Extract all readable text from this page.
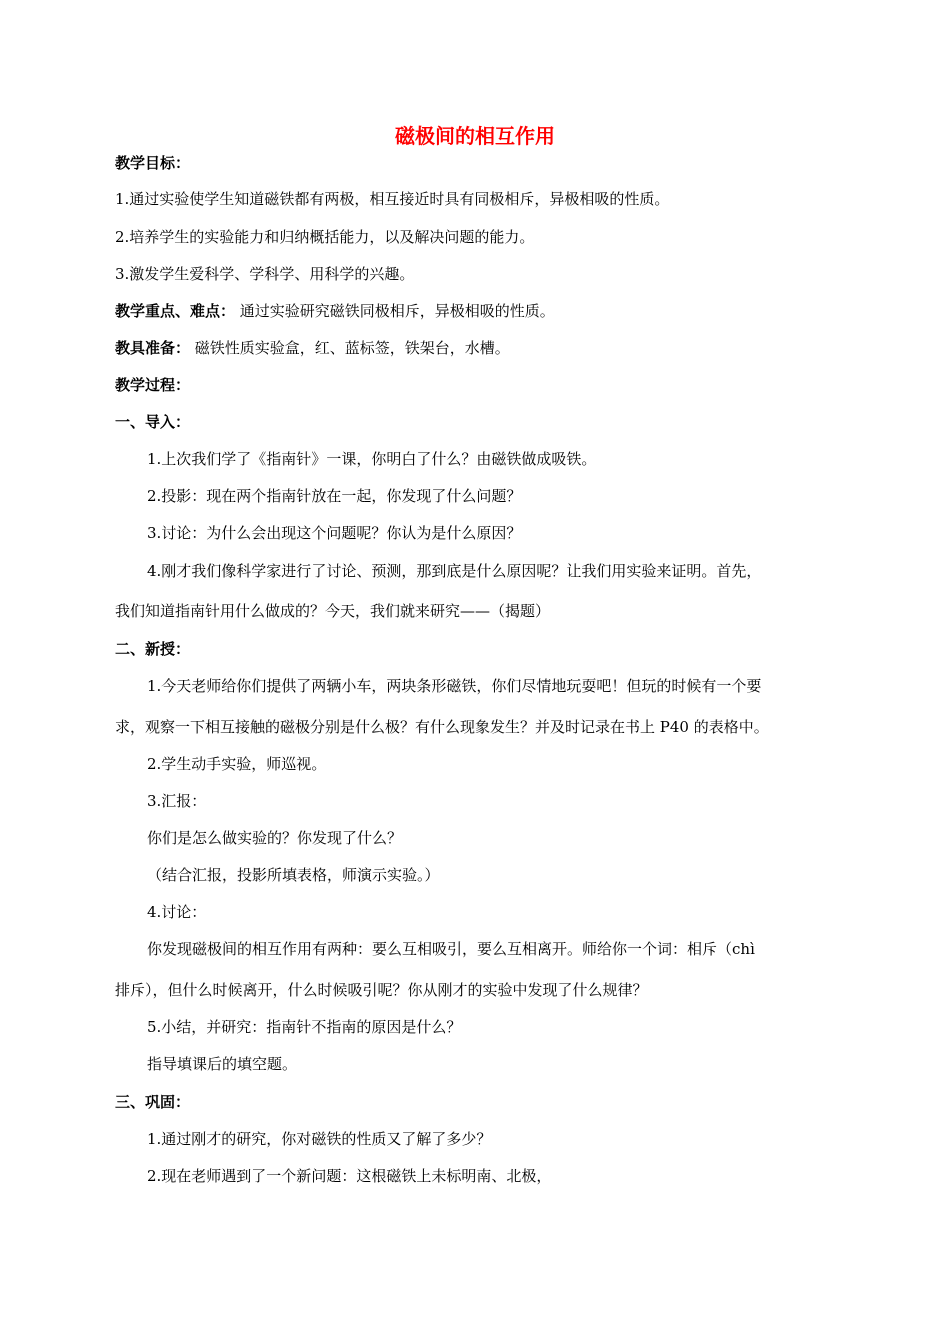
磁极间的相互作用
教学目标：
1.通过实验使学生知道磁铁都有两极，相互接近时具有同极相斥，异极相吸的性质。
2.培养学生的实验能力和归纳概括能力，以及解决问题的能力。
3.激发学生爱科学、学科学、用科学的兴趣。
教学重点、难点： 通过实验研究磁铁同极相斥，异极相吸的性质。
教具准备： 磁铁性质实验盒，红、蓝标签，铁架台，水槽。
教学过程：
一、导入：
1.上次我们学了《指南针》一课，你明白了什么？由磁铁做成吸铁。
2.投影：现在两个指南针放在一起，你发现了什么问题？
3.讨论：为什么会出现这个问题呢？你认为是什么原因？
4.刚才我们像科学家进行了讨论、预测，那到底是什么原因呢？让我们用实验来证明。首先，
我们知道指南针用什么做成的？今天，我们就来研究——（揭题）
二、新授：
1.今天老师给你们提供了两辆小车，两块条形磁铁，你们尽情地玩耍吧！但玩的时候有一个要
求，观察一下相互接触的磁极分别是什么极？有什么现象发生？并及时记录在书上 P40 的表格中。
2.学生动手实验，师巡视。
3.汇报：
你们是怎么做实验的？你发现了什么？
（结合汇报，投影所填表格，师演示实验。）
4.讨论：
你发现磁极间的相互作用有两种：要么互相吸引，要么互相离开。师给你一个词：相斥（chì
排斥），但什么时候离开，什么时候吸引呢？你从刚才的实验中发现了什么规律？
5.小结，并研究：指南针不指南的原因是什么？
指导填课后的填空题。
三、巩固：
1.通过刚才的研究，你对磁铁的性质又了解了多少？
2.现在老师遇到了一个新问题：这根磁铁上未标明南、北极，
